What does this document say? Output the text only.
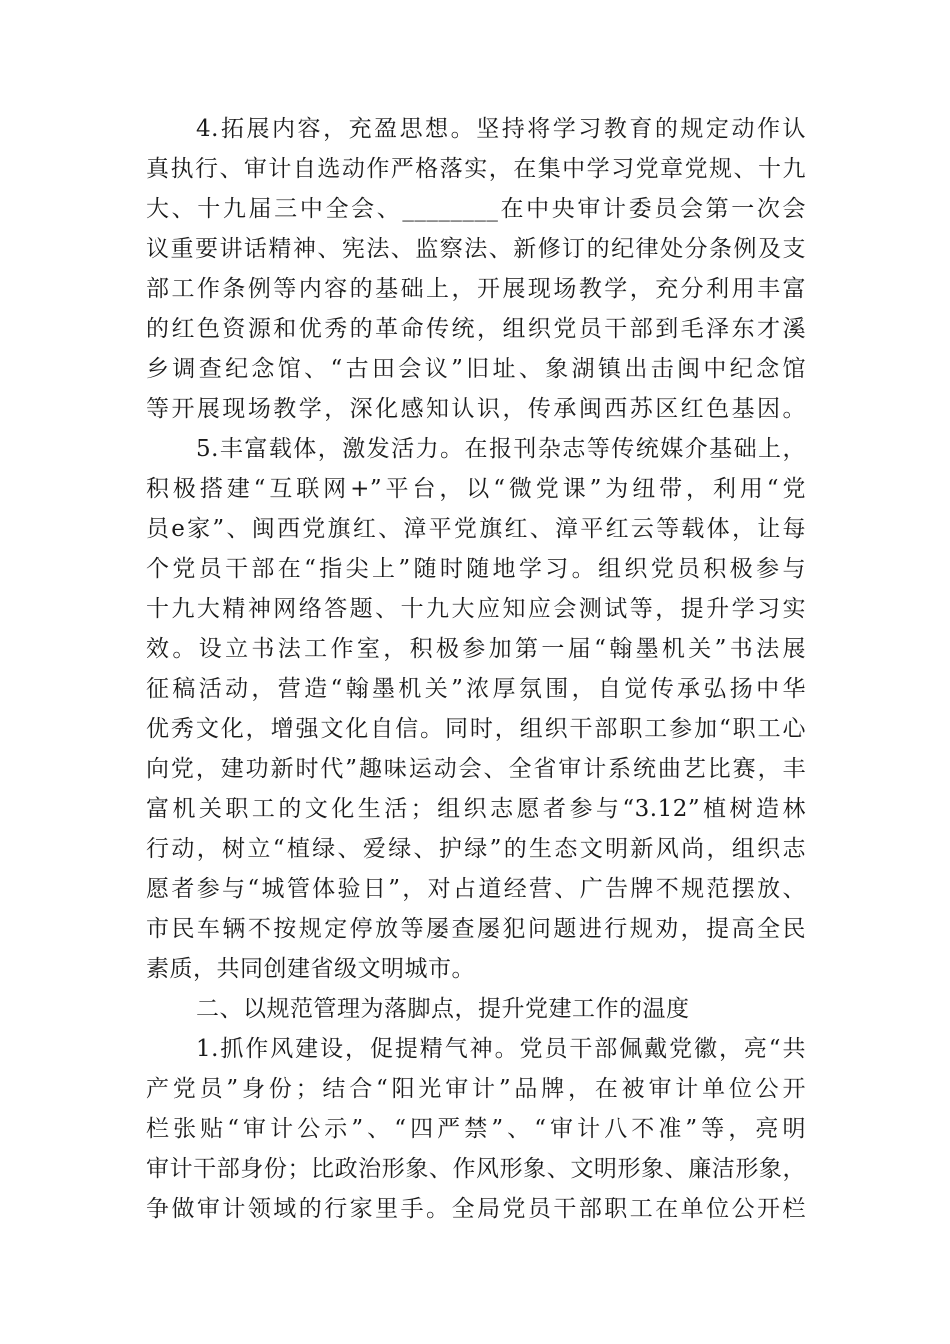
4.拓展内容，充盈思想。坚持将学习教育的规定动作认
真执行、审计自选动作严格落实，在集中学习党章党规、十九
大、十九届三中全会、________在中央审计委员会第一次会
议重要讲话精神、宪法、监察法、新修订的纪律处分条例及支
部工作条例等内容的基础上，开展现场教学，充分利用丰富
的红色资源和优秀的革命传统，组织党员干部到毛泽东才溪
乡调查纪念馆、“古田会议”旧址、象湖镇出击闽中纪念馆
等开展现场教学，深化感知认识，传承闽西苏区红色基因。
5.丰富载体，激发活力。在报刊杂志等传统媒介基础上，
积极搭建“互联网+”平台，以“微党课”为纽带，利用“党
员e家”、闽西党旗红、漳平党旗红、漳平红云等载体，让每
个党员干部在“指尖上”随时随地学习。组织党员积极参与
十九大精神网络答题、十九大应知应会测试等，提升学习实
效。设立书法工作室，积极参加第一届“翰墨机关”书法展
征稿活动，营造“翰墨机关”浓厚氛围，自觉传承弘扬中华
优秀文化，增强文化自信。同时，组织干部职工参加“职工心
向党，建功新时代”趣味运动会、全省审计系统曲艺比赛，丰
富机关职工的文化生活；组织志愿者参与“3.12”植树造林
行动，树立“植绿、爱绿、护绿”的生态文明新风尚，组织志
愿者参与“城管体验日”，对占道经营、广告牌不规范摆放、
市民车辆不按规定停放等屡查屡犯问题进行规劝，提高全民
素质，共同创建省级文明城市。
二、以规范管理为落脚点，提升党建工作的温度
1.抓作风建设，促提精气神。党员干部佩戴党徽，亮“共
产党员”身份；结合“阳光审计”品牌，在被审计单位公开
栏张贴“审计公示”、“四严禁”、“审计八不准”等，亮明
审计干部身份；比政治形象、作风形象、文明形象、廉洁形象，
争做审计领域的行家里手。全局党员干部职工在单位公开栏
